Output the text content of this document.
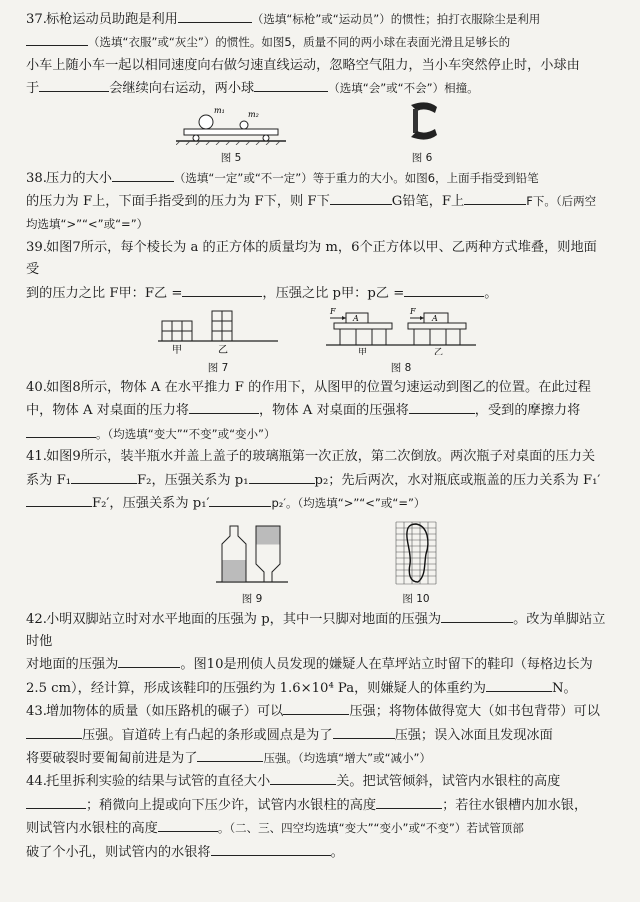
37.标枪运动员助跑是利用	（选填“标枪”或“运动员”）的惯性；拍打衣服除尘是利用

（选填“衣服”或“灰尘”）的惯性。如图5，质量不同的两小球在表面光滑且足够长的

小车上随小车一起以相同速度向右做匀速直线运动，忽略空气阻力，当小车突然停止时，小球由

于	会继续向右运动，两小球	（选填“会”或“不会”）相撞。

m₁	m₂
图 5	图 6

38.压力的大小	（选填“一定”或“不一定”）等于重力的大小。如图6，上面手指受到铅笔

的压力为 F上，下面手指受到的压力为 F下，则 F下	G铅笔，F上	F下。（后两空

均选填“>”“<”或“=”）

39.如图7所示，每个棱长为 a 的正方体的质量均为 m，6个正方体以甲、乙两种方式堆叠，则地面受

到的压力之比 F甲：F乙 =	，压强之比 p甲：p乙 =	。

甲	乙
图 7
F
A
F
A
甲	乙
图 8

40.如图8所示，物体 A 在水平推力 F 的作用下，从图甲的位置匀速运动到图乙的位置。在此过程

中，物体 A 对桌面的压力将	，物体 A 对桌面的压强将	，受到的摩擦力将

。（均选填“变大”“不变”或“变小”）

41.如图9所示，装半瓶水并盖上盖子的玻璃瓶第一次正放，第二次倒放。两次瓶子对桌面的压力关

系为 F₁	F₂，压强关系为 p₁	p₂；先后两次，水对瓶底或瓶盖的压力关系为 F₁′

F₂′，压强关系为 p₁′	p₂′。（均选填“>”“<”或“=”）

图 9	图 10

42.小明双脚站立时对水平地面的压强为 p，其中一只脚对地面的压强为	。改为单脚站立时他

对地面的压强为	。图10是刑侦人员发现的嫌疑人在草坪站立时留下的鞋印（每格边长为

2.5 cm），经计算，形成该鞋印的压强约为 1.6×10⁴ Pa，则嫌疑人的体重约为	N。

43.增加物体的质量（如压路机的碾子）可以	压强；将物体做得宽大（如书包背带）可以

压强。盲道砖上有凸起的条形或圆点是为了	压强；误入冰面且发现冰面

将要破裂时要匍匐前进是为了	压强。（均选填“增大”或“减小”）

44.托里拆利实验的结果与试管的直径大小	关。把试管倾斜，试管内水银柱的高度

；稍微向上提或向下压少许，试管内水银柱的高度	；若往水银槽内加水银，

则试管内水银柱的高度	。（二、三、四空均选填“变大”“变小”或“不变”）若试管顶部

破了个小孔，则试管内的水银将	。
